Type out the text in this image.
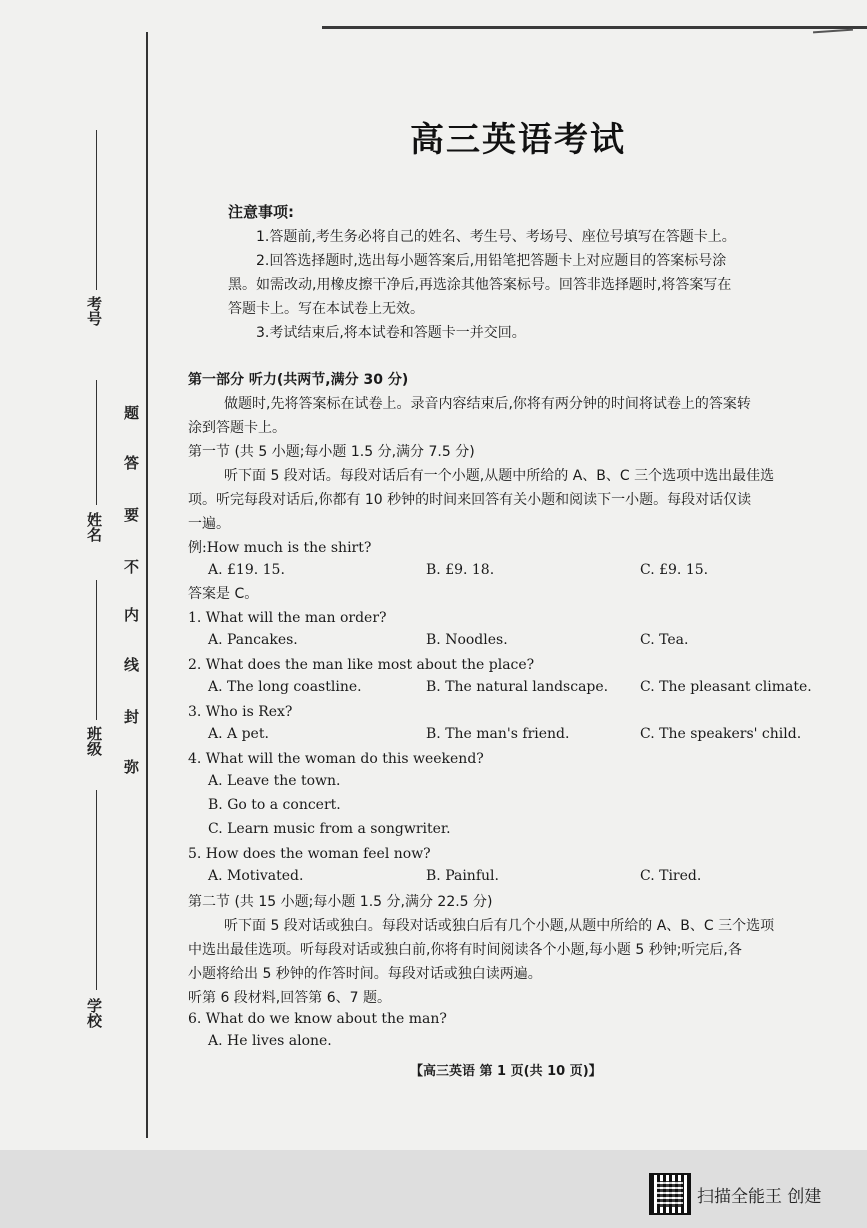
考号
姓名
班级
学校
题
答
要
不
内
线
封
弥
高三英语考试
注意事项:
1.答题前,考生务必将自己的姓名、考生号、考场号、座位号填写在答题卡上。
2.回答选择题时,选出每小题答案后,用铅笔把答题卡上对应题目的答案标号涂
黑。如需改动,用橡皮擦干净后,再选涂其他答案标号。回答非选择题时,将答案写在
答题卡上。写在本试卷上无效。
3.考试结束后,将本试卷和答题卡一并交回。
第一部分 听力(共两节,满分 30 分)
做题时,先将答案标在试卷上。录音内容结束后,你将有两分钟的时间将试卷上的答案转
涂到答题卡上。
第一节 (共 5 小题;每小题 1.5 分,满分 7.5 分)
听下面 5 段对话。每段对话后有一个小题,从题中所给的 A、B、C 三个选项中选出最佳选
项。听完每段对话后,你都有 10 秒钟的时间来回答有关小题和阅读下一小题。每段对话仅读
一遍。
例:How much is the shirt?
A. £19. 15.	B. £9. 18.	C. £9. 15.
答案是 C。
1. What will the man order?
A. Pancakes.	B. Noodles.	C. Tea.
2. What does the man like most about the place?
A. The long coastline.	B. The natural landscape. C. The pleasant climate.
3. Who is Rex?
A. A pet.	B. The man's friend.	C. The speakers' child.
4. What will the woman do this weekend?
A. Leave the town.
B. Go to a concert.
C. Learn music from a songwriter.
5. How does the woman feel now?
A. Motivated.	B. Painful.	C. Tired.
第二节 (共 15 小题;每小题 1.5 分,满分 22.5 分)
听下面 5 段对话或独白。每段对话或独白后有几个小题,从题中所给的 A、B、C 三个选项
中选出最佳选项。听每段对话或独白前,你将有时间阅读各个小题,每小题 5 秒钟;听完后,各
小题将给出 5 秒钟的作答时间。每段对话或独白读两遍。
听第 6 段材料,回答第 6、7 题。
6. What do we know about the man?
A. He lives alone.
【高三英语 第 1 页(共 10 页)】
扫描全能王 创建
